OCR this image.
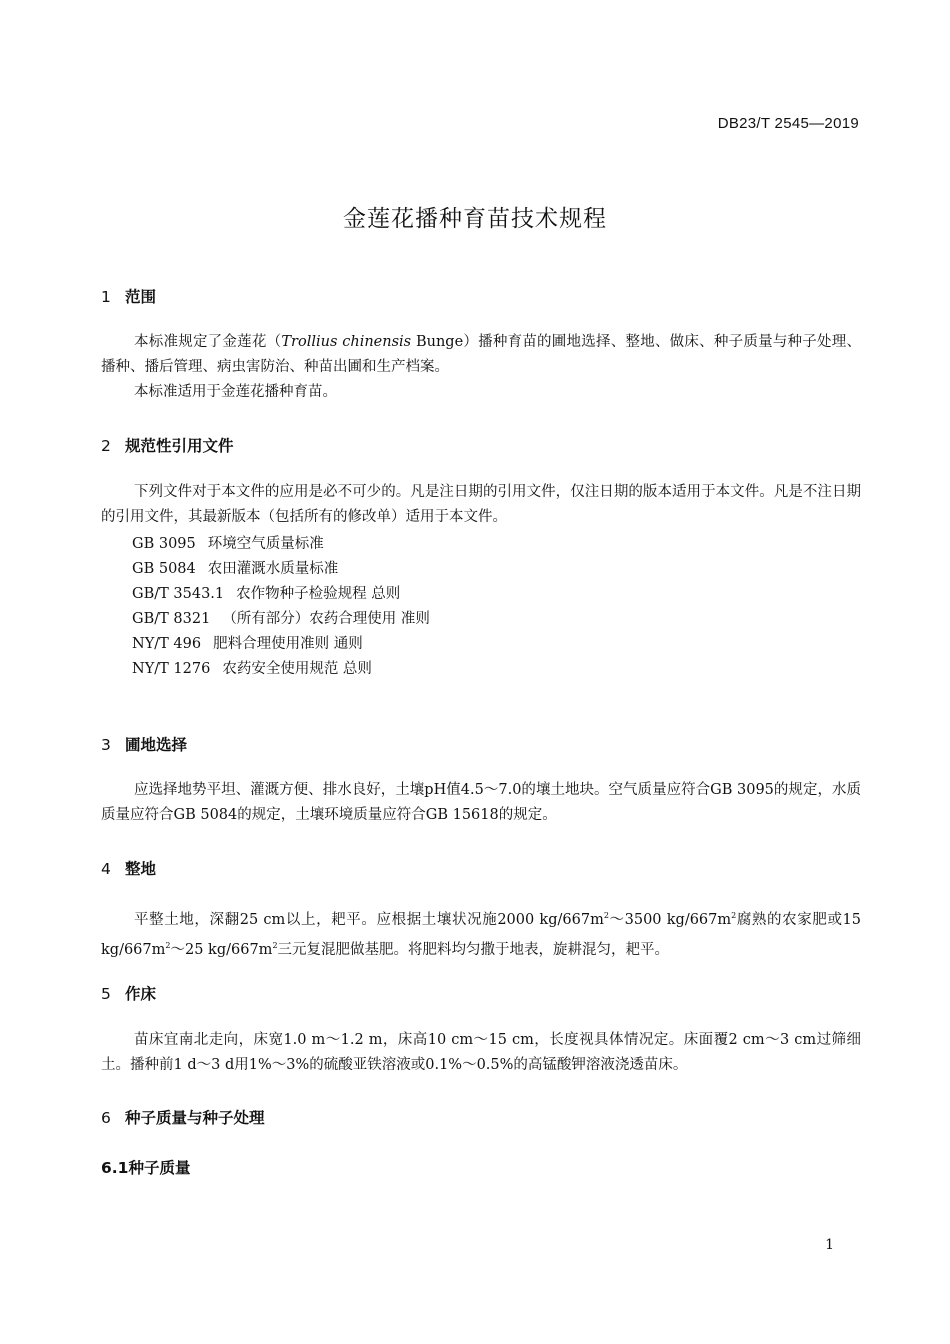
DB23/T 2545—2019
金莲花播种育苗技术规程
1 范围
本标准规定了金莲花（Trollius chinensis Bunge）播种育苗的圃地选择、整地、做床、种子质量与种子处理、播种、播后管理、病虫害防治、种苗出圃和生产档案。
本标准适用于金莲花播种育苗。
2 规范性引用文件
下列文件对于本文件的应用是必不可少的。凡是注日期的引用文件，仅注日期的版本适用于本文件。凡是不注日期的引用文件，其最新版本（包括所有的修改单）适用于本文件。
GB 3095 环境空气质量标准
GB 5084 农田灌溉水质量标准
GB/T 3543.1 农作物种子检验规程 总则
GB/T 8321 （所有部分）农药合理使用 准则
NY/T 496 肥料合理使用准则 通则
NY/T 1276 农药安全使用规范 总则
3 圃地选择
应选择地势平坦、灌溉方便、排水良好，土壤pH值4.5～7.0的壤土地块。空气质量应符合GB 3095的规定，水质质量应符合GB 5084的规定，土壤环境质量应符合GB 15618的规定。
4 整地
平整土地，深翻25 cm以上，耙平。应根据土壤状况施2000 $kg/667m^2\sim 3500$ $kg/667m^2$腐熟的农家肥或15 $kg/667m^2\sim 25$ $kg/667m^2$三元复混肥做基肥。将肥料均匀撒于地表，旋耕混匀，耙平。
5 作床
苗床宜南北走向，床宽1.0 m～1.2 m，床高10 cm～15 cm，长度视具体情况定。床面覆2 cm～3 cm过筛细土。播种前1 d～3 d用1%～3%的硫酸亚铁溶液或0.1%～0.5%的高锰酸钾溶液浇透苗床。
6 种子质量与种子处理
6.1种子质量
1
